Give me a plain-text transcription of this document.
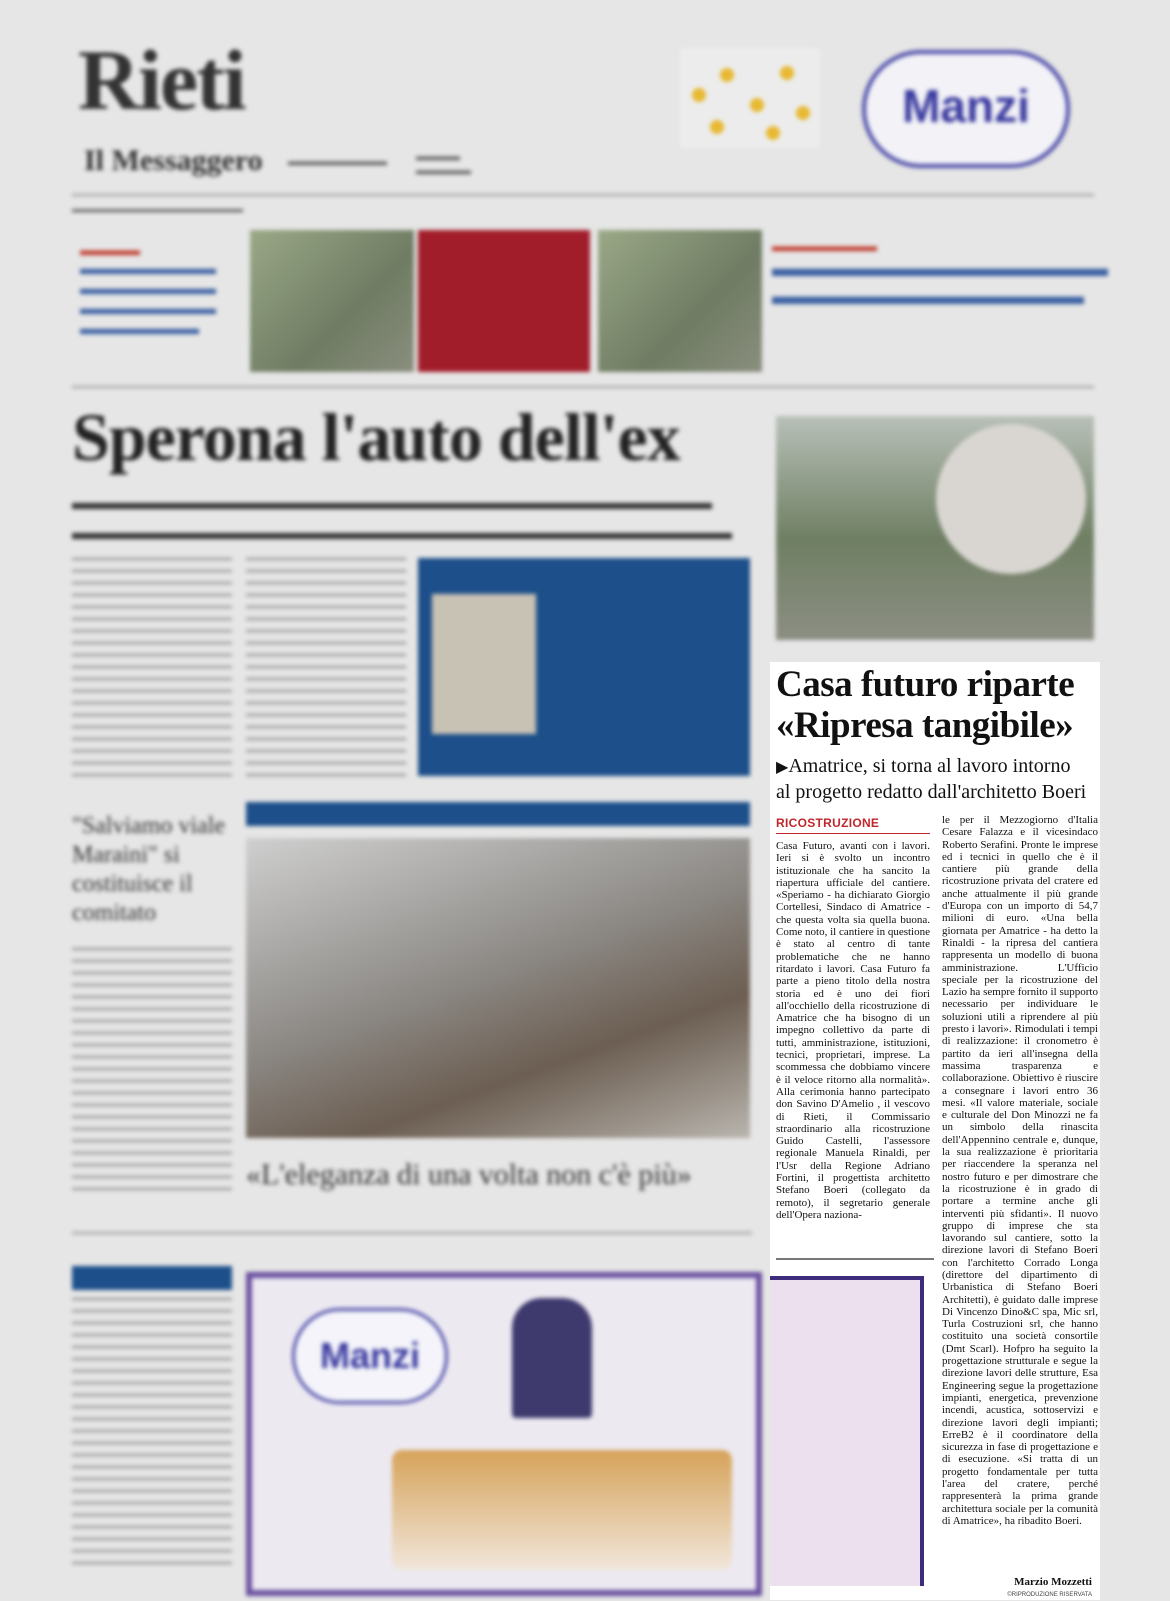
Rieti
Il Messaggero ▬▬▬▬▬▬▬▬▬	▬▬▬▬
▬▬▬▬▬
Manzi
▬▬▬▬▬▬▬▬▬▬▬▬▬▬▬▬▬▬▬
▬▬▬▬
▬▬▬▬▬▬▬▬
▬▬▬▬▬▬▬▬
▬▬▬▬▬▬▬▬
▬▬▬▬▬▬▬
▬▬▬▬▬▬▬
▬▬▬▬▬▬▬▬▬▬▬▬▬▬
▬▬▬▬▬▬▬▬▬▬▬▬▬
Sperona l'auto dell'ex
▬▬▬▬▬▬▬▬▬▬▬▬▬▬▬▬▬▬▬▬▬▬▬▬▬▬▬▬▬▬▬▬
▬▬▬▬▬▬▬▬▬▬▬▬▬▬▬▬▬▬▬▬▬▬▬▬▬▬▬▬▬▬▬▬▬
"Salviamo viale Maraini" si costituisce il comitato
«L'eleganza di una volta non c'è più»
Manzi
Casa futuro riparte
«Ripresa tangibile»
▶Amatrice, si torna al lavoro intorno
al progetto redatto dall'architetto Boeri
RICOSTRUZIONE
Casa Futuro, avanti con i lavori. Ieri si è svolto un incontro istituzionale che ha sancito la riapertura ufficiale del cantiere. «Speriamo - ha dichiarato Giorgio Cortellesi, Sindaco di Amatrice - che questa volta sia quella buona. Come noto, il cantiere in questione è stato al centro di tante problematiche che ne hanno ritardato i lavori. Casa Futuro fa parte a pieno titolo della nostra storia ed è uno dei fiori all'occhiello della ricostruzione di Amatrice che ha bisogno di un impegno collettivo da parte di tutti, amministrazione, istituzioni, tecnici, proprietari, imprese. La scommessa che dobbiamo vincere è il veloce ritorno alla normalità». Alla cerimonia hanno partecipato don Savino D'Amelio , il vescovo di Rieti, il Commissario straordinario alla ricostruzione Guido Castelli, l'assessore regionale Manuela Rinaldi, per l'Usr della Regione Adriano Fortini, il progettista architetto Stefano Boeri (collegato da remoto), il segretario generale dell'Opera naziona-
le per il Mezzogiorno d'Italia Cesare Falazza e il vicesindaco Roberto Serafini. Pronte le imprese ed i tecnici in quello che è il cantiere più grande della ricostruzione privata del cratere ed anche attualmente il più grande d'Europa con un importo di 54,7 milioni di euro. «Una bella giornata per Amatrice - ha detto la Rinaldi - la ripresa del cantiera rappresenta un modello di buona amministrazione. L'Ufficio speciale per la ricostruzione del Lazio ha sempre fornito il supporto necessario per individuare le soluzioni utili a riprendere al più presto i lavori». Rimodulati i tempi di realizzazione: il cronometro è partito da ieri all'insegna della massima trasparenza e collaborazione. Obiettivo è riuscire a consegnare i lavori entro 36 mesi. «Il valore materiale, sociale e culturale del Don Minozzi ne fa un simbolo della rinascita dell'Appennino centrale e, dunque, la sua realizzazione è prioritaria per riaccendere la speranza nel nostro futuro e per dimostrare che la ricostruzione è in grado di portare a termine anche gli interventi più sfidanti». Il nuovo gruppo di imprese che sta lavorando sul cantiere, sotto la direzione lavori di Stefano Boeri con l'architetto Corrado Longa (direttore del dipartimento di Urbanistica di Stefano Boeri Architetti), è guidato dalle imprese Di Vincenzo Dino&C spa, Mic srl, Turla Costruzioni srl, che hanno costituito una società consortile (Dmt Scarl). Hofpro ha seguito la progettazione strutturale e segue la direzione lavori delle strutture, Esa Engineering segue la progettazione impianti, energetica, prevenzione incendi, acustica, sottoservizi e direzione lavori degli impianti; ErreB2 è il coordinatore della sicurezza in fase di progettazione e di esecuzione. «Si tratta di un progetto fondamentale per tutta l'area del cratere, perché rappresenterà la prima grande architettura sociale per la comunità di Amatrice», ha ribadito Boeri.
Marzio Mozzetti
©RIPRODUZIONE RISERVATA
